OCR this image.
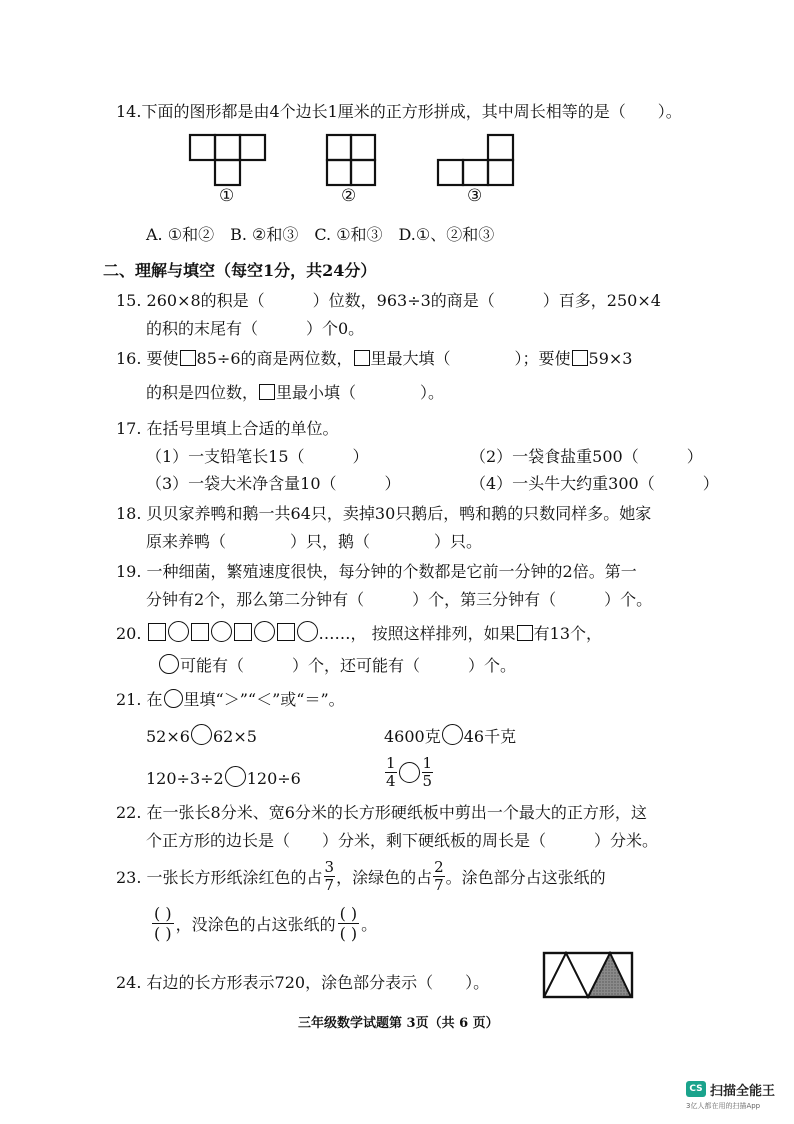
14.下面的图形都是由4个边长1厘米的正方形拼成，其中周长相等的是（　　）。
①	②	③
A. ①和②　B. ②和③　C. ①和③　D.①、②和③
二、理解与填空（每空1分，共24分）
15. 260×8的积是（　　　）位数，963÷3的商是（　　　）百多，250×4
的积的末尾有（　　　）个0。
16. 要使 85÷6的商是两位数， 里最大填（　　　　）；要使 59×3
的积是四位数， 里最小填（　　　　）。
17. 在括号里填上合适的单位。
（1）一支铅笔长15（　　　）	（2）一袋食盐重500（　　　）
（3）一袋大米净含量10（　　　）	（4）一头牛大约重300（　　　）
18. 贝贝家养鸭和鹅一共64只，卖掉30只鹅后，鸭和鹅的只数同样多。她家
原来养鸭（　　　　）只，鹅（　　　　）只。
19. 一种细菌，繁殖速度很快，每分钟的个数都是它前一分钟的2倍。第一
分钟有2个，那么第二分钟有（　　　）个，第三分钟有（　　　）个。
20.	……， 按照这样排列，如果 有13个，
可能有（　　　）个，还可能有（　　　）个。
21. 在 里填“＞”“＜”或“＝”。
52×6 62×5	4600克 46千克
120÷3÷2 120÷6	$\frac{1}{4} \frac{1}{5}$
22. 在一张长8分米、宽6分米的长方形硬纸板中剪出一个最大的正方形，这
个正方形的边长是（　　）分米，剩下硬纸板的周长是（　　　）分米。
23. 一张长方形纸涂红色的占 $\frac{3}{7}$ ，涂绿色的占 $\frac{2}{7}$ 。涂色部分占这张纸的
( )
( ) ，没涂色的占这张纸的
( )
( ) 。
24. 右边的长方形表示720，涂色部分表示（　　）。
三年级数学试题第 3页（共 6 页）
CS 扫描全能王
3亿人都在用的扫描App
